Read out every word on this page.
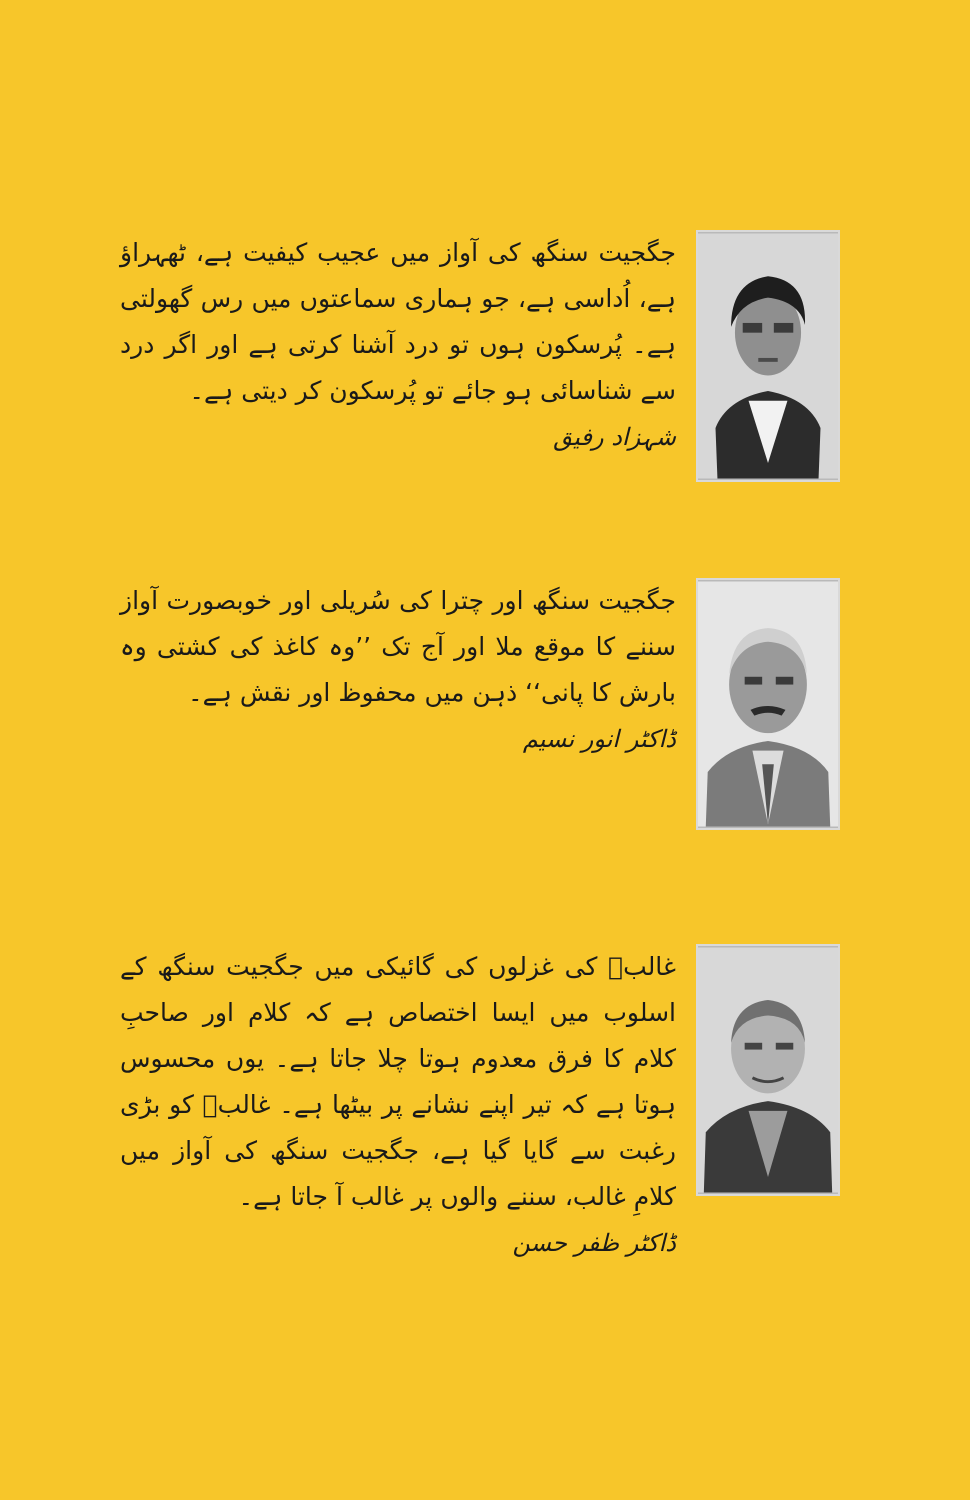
جگجیت سنگھ کی آواز میں عجیب کیفیت ہے، ٹھہراؤ ہے، اُداسی ہے، جو ہماری سماعتوں میں رس گھولتی ہے۔ پُرسکون ہوں تو درد آشنا کرتی ہے اور اگر درد سے شناسائی ہو جائے تو پُرسکون کر دیتی ہے۔

شہزاد رفیق

جگجیت سنگھ اور چترا کی سُریلی اور خوبصورت آواز سننے کا موقع ملا اور آج تک ’’وہ کاغذ کی کشتی وہ بارش کا پانی‘‘ ذہن میں محفوظ اور نقش ہے۔

ڈاکٹر انور نسیم

غالبؔ کی غزلوں کی گائیکی میں جگجیت سنگھ کے اسلوب میں ایسا اختصاص ہے کہ کلام اور صاحبِ کلام کا فرق معدوم ہوتا چلا جاتا ہے۔ یوں محسوس ہوتا ہے کہ تیر اپنے نشانے پر بیٹھا ہے۔ غالبؔ کو بڑی رغبت سے گایا گیا ہے، جگجیت سنگھ کی آواز میں کلامِ غالب، سننے والوں پر غالب آ جاتا ہے۔

ڈاکٹر ظفر حسن
